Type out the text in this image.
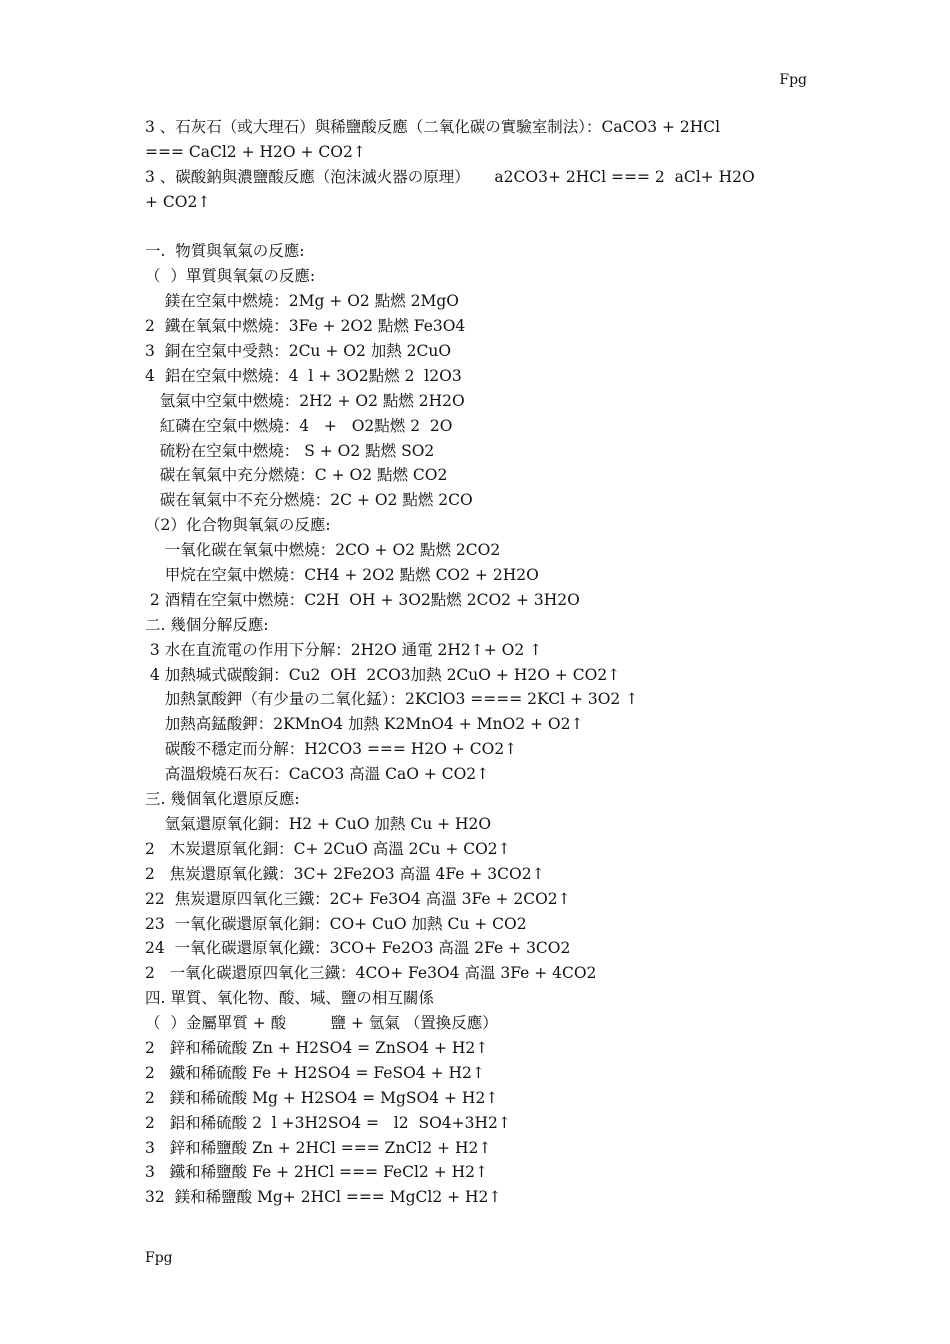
Fpg
3 、石灰石（或大理石）與稀鹽酸反應（二氧化碳の實驗室制法）：CaCO3 + 2HCl
=== CaCl2 + H2O + CO2↑
3 、碳酸鈉與濃鹽酸反應（泡沫滅火器の原理）     a2CO3+ 2HCl === 2  aCl+ H2O
+ CO2↑
一.  物質與氧氣の反應:
（  ）單質與氧氣の反應:
鎂在空氣中燃燒：2Mg + O2 點燃 2MgO
2  鐵在氧氣中燃燒：3Fe + 2O2 點燃 Fe3O4
3  銅在空氣中受熱：2Cu + O2 加熱 2CuO
4  鋁在空氣中燃燒：4  l + 3O2點燃 2  l2O3
氫氣中空氣中燃燒：2H2 + O2 點燃 2H2O
紅磷在空氣中燃燒：4   +   O2點燃 2  2O
硫粉在空氣中燃燒： S + O2 點燃 SO2
碳在氧氣中充分燃燒：C + O2 點燃 CO2
碳在氧氣中不充分燃燒：2C + O2 點燃 2CO
（2）化合物與氧氣の反應:
一氧化碳在氧氣中燃燒：2CO + O2 點燃 2CO2
甲烷在空氣中燃燒：CH4 + 2O2 點燃 CO2 + 2H2O
2 酒精在空氣中燃燒：C2H  OH + 3O2點燃 2CO2 + 3H2O
二. 幾個分解反應:
3 水在直流電の作用下分解：2H2O 通電 2H2↑+ O2 ↑
4 加熱堿式碳酸銅：Cu2  OH  2CO3加熱 2CuO + H2O + CO2↑
加熱氯酸鉀（有少量の二氧化錳）：2KClO3 ==== 2KCl + 3O2 ↑
加熱高錳酸鉀：2KMnO4 加熱 K2MnO4 + MnO2 + O2↑
碳酸不穩定而分解：H2CO3 === H2O + CO2↑
高溫煅燒石灰石：CaCO3 高溫 CaO + CO2↑
三. 幾個氧化還原反應:
氫氣還原氧化銅：H2 + CuO 加熱 Cu + H2O
2   木炭還原氧化銅：C+ 2CuO 高溫 2Cu + CO2↑
2   焦炭還原氧化鐵：3C+ 2Fe2O3 高溫 4Fe + 3CO2↑
22  焦炭還原四氧化三鐵：2C+ Fe3O4 高溫 3Fe + 2CO2↑
23  一氧化碳還原氧化銅：CO+ CuO 加熱 Cu + CO2
24  一氧化碳還原氧化鐵：3CO+ Fe2O3 高溫 2Fe + 3CO2
2   一氧化碳還原四氧化三鐵：4CO+ Fe3O4 高溫 3Fe + 4CO2
四. 單質、氧化物、酸、堿、鹽の相互關係
（  ）金屬單質 + 酸         鹽 + 氫氣 （置換反應）
2   鋅和稀硫酸 Zn + H2SO4 = ZnSO4 + H2↑
2   鐵和稀硫酸 Fe + H2SO4 = FeSO4 + H2↑
2   鎂和稀硫酸 Mg + H2SO4 = MgSO4 + H2↑
2   鋁和稀硫酸 2  l +3H2SO4 =   l2  SO4+3H2↑
3   鋅和稀鹽酸 Zn + 2HCl === ZnCl2 + H2↑
3   鐵和稀鹽酸 Fe + 2HCl === FeCl2 + H2↑
32  鎂和稀鹽酸 Mg+ 2HCl === MgCl2 + H2↑
Fpg
